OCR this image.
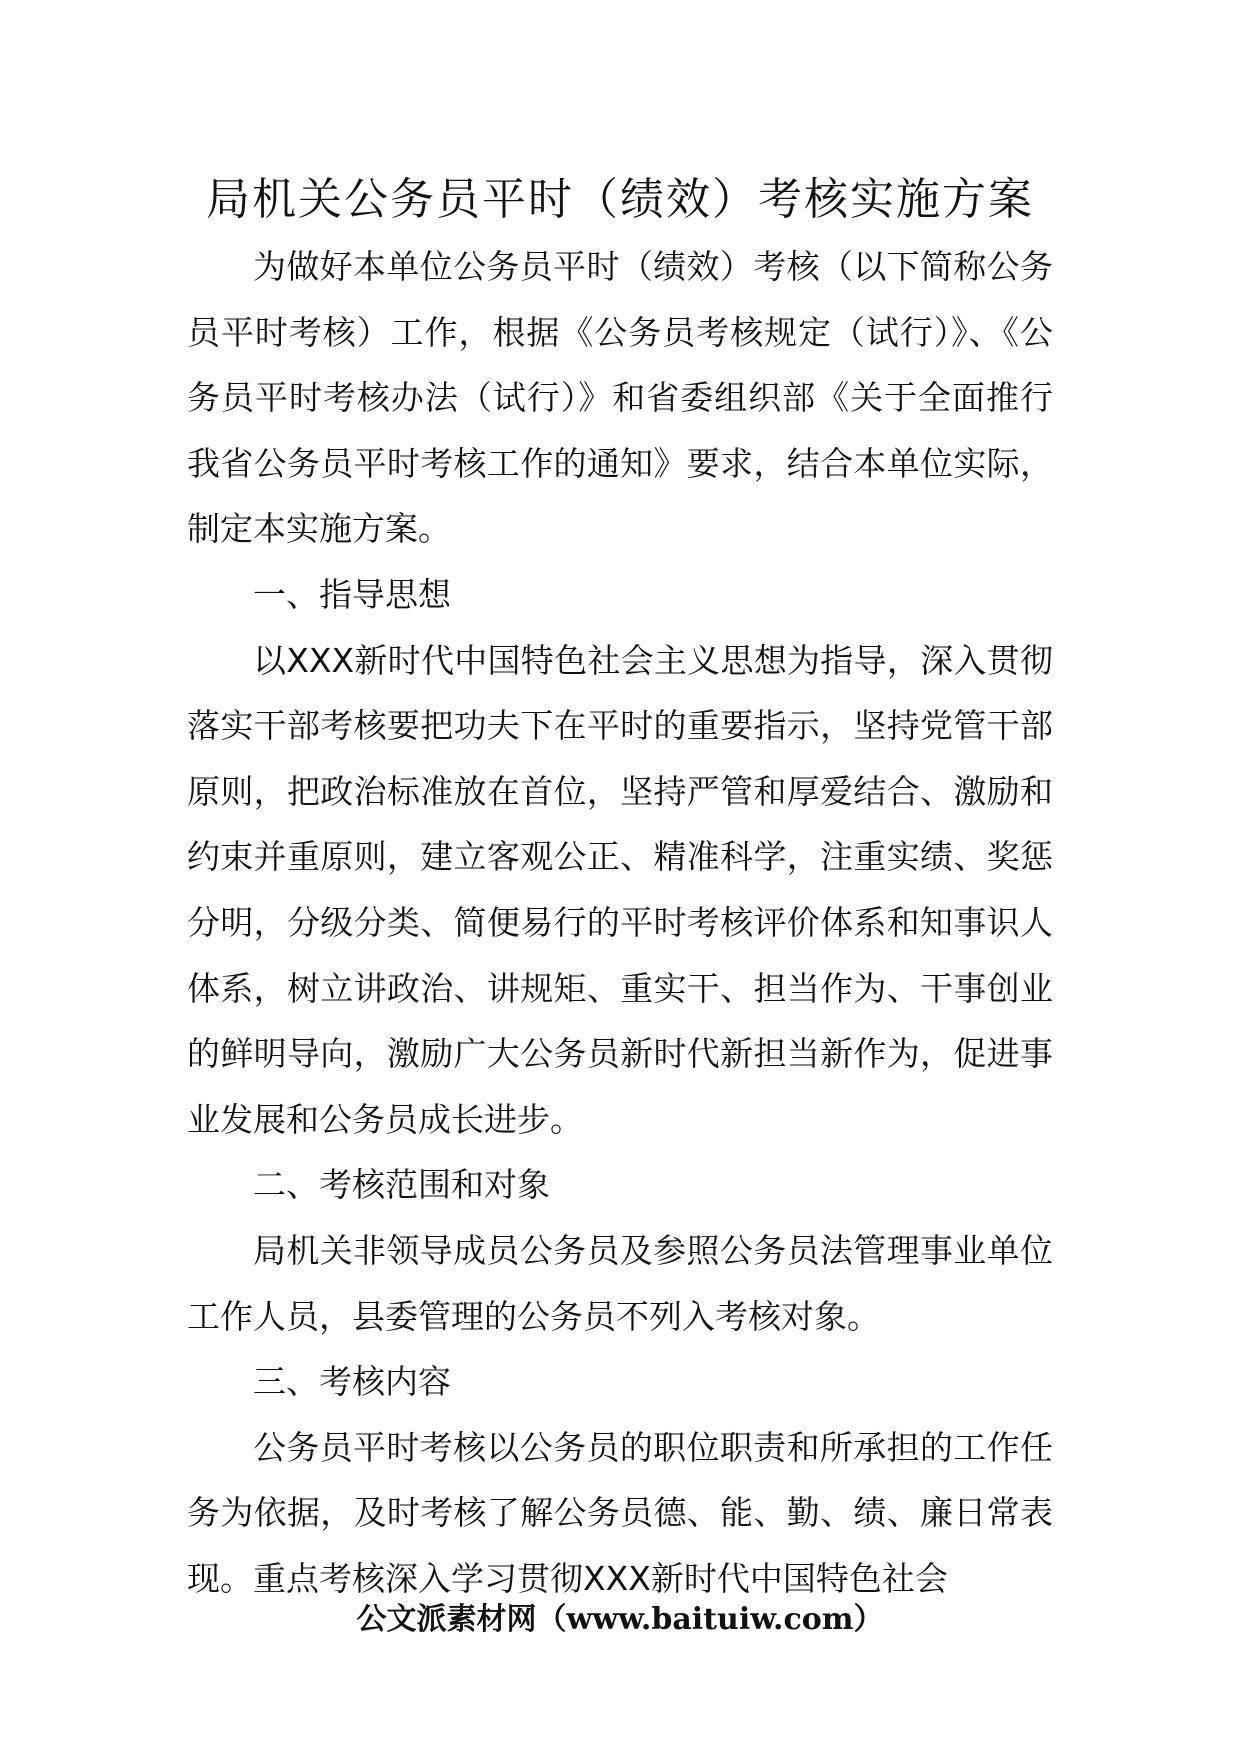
局机关公务员平时（绩效）考核实施方案

为做好本单位公务员平时（绩效）考核（以下简称公务员平时考核）工作，根据《公务员考核规定（试行）》、《公务员平时考核办法（试行）》和省委组织部《关于全面推行我省公务员平时考核工作的通知》要求，结合本单位实际，制定本实施方案。

一、指导思想

以XXX新时代中国特色社会主义思想为指导，深入贯彻落实干部考核要把功夫下在平时的重要指示，坚持党管干部原则，把政治标准放在首位，坚持严管和厚爱结合、激励和约束并重原则，建立客观公正、精准科学，注重实绩、奖惩分明，分级分类、简便易行的平时考核评价体系和知事识人体系，树立讲政治、讲规矩、重实干、担当作为、干事创业的鲜明导向，激励广大公务员新时代新担当新作为，促进事业发展和公务员成长进步。

二、考核范围和对象

局机关非领导成员公务员及参照公务员法管理事业单位工作人员，县委管理的公务员不列入考核对象。

三、考核内容

公务员平时考核以公务员的职位职责和所承担的工作任务为依据，及时考核了解公务员德、能、勤、绩、廉日常表现。重点考核深入学习贯彻XXX新时代中国特色社会

公文派素材网（www.baituiw.com）
